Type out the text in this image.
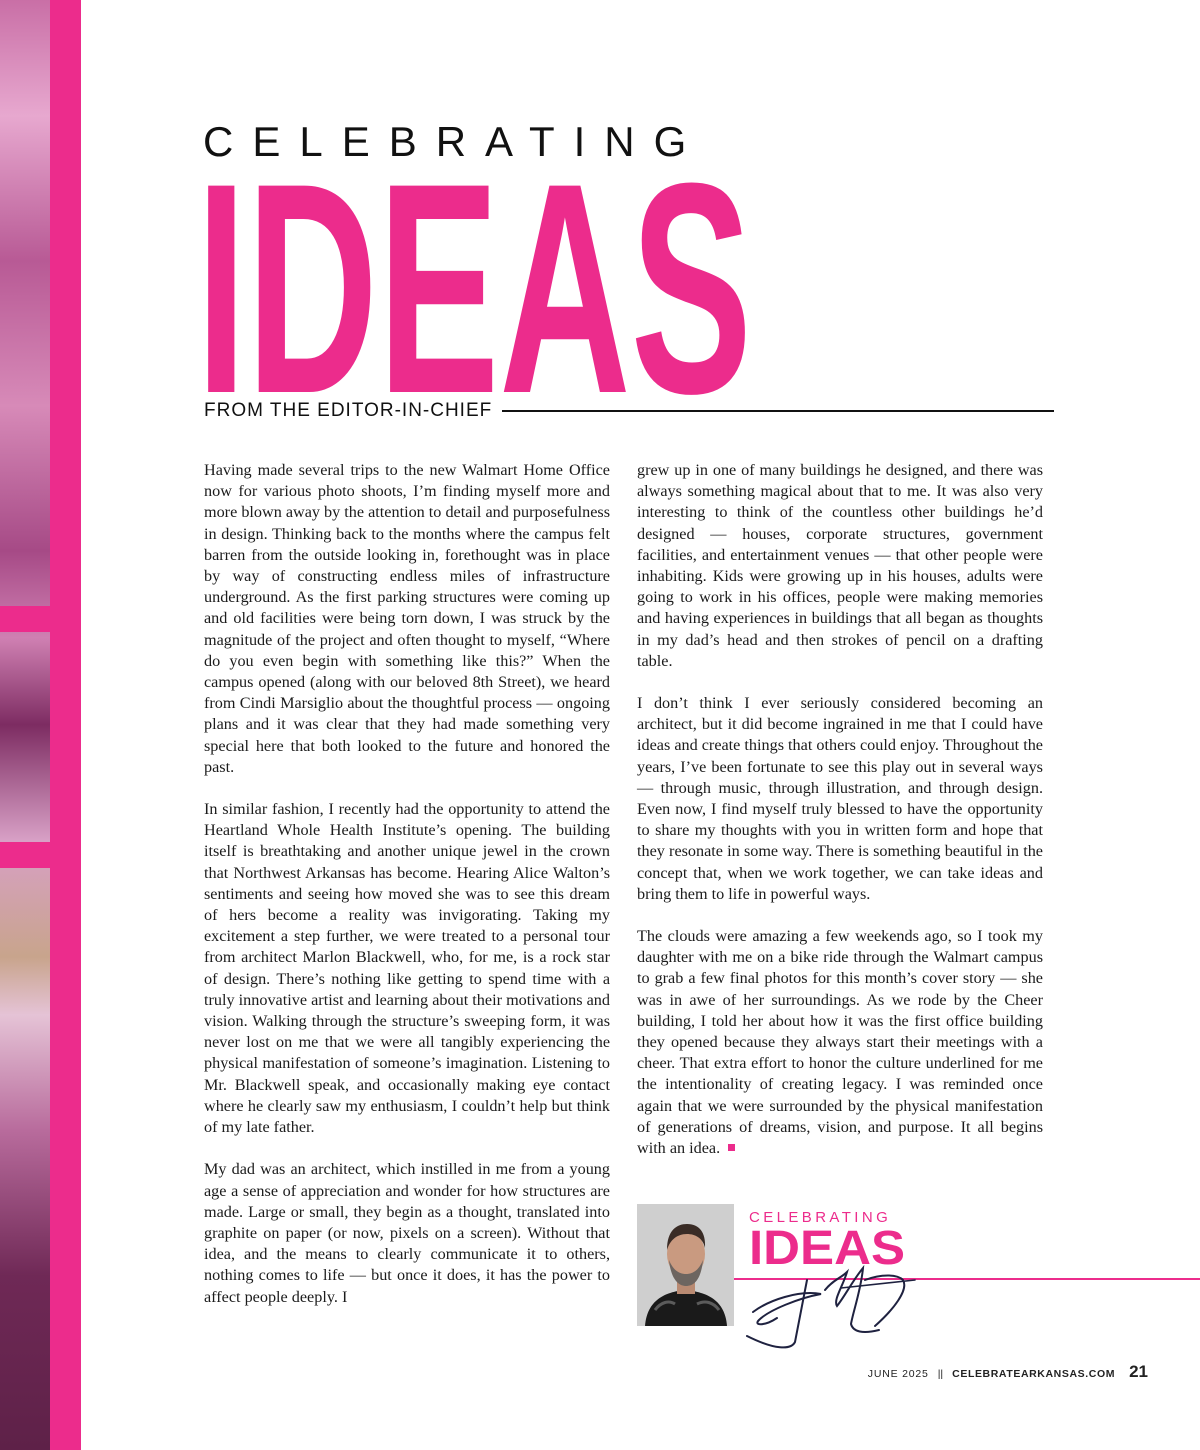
CELEBRATING
IDEAS
FROM THE EDITOR-IN-CHIEF

Having made several trips to the new Walmart Home Office now for various photo shoots, I’m finding myself more and more blown away by the attention to detail and purposefulness in design. Thinking back to the months where the campus felt barren from the outside looking in, forethought was in place by way of constructing endless miles of infrastructure underground. As the first parking structures were coming up and old facilities were being torn down, I was struck by the magnitude of the project and often thought to myself, “Where do you even begin with something like this?” When the campus opened (along with our beloved 8th Street), we heard from Cindi Marsiglio about the thoughtful process — ongoing plans and it was clear that they had made something very special here that both looked to the future and honored the past.

In similar fashion, I recently had the opportunity to attend the Heartland Whole Health Institute’s opening. The building itself is breathtaking and another unique jewel in the crown that Northwest Arkansas has become. Hearing Alice Walton’s sentiments and seeing how moved she was to see this dream of hers become a reality was invigorating. Taking my excitement a step further, we were treated to a personal tour from architect Marlon Blackwell, who, for me, is a rock star of design. There’s nothing like getting to spend time with a truly innovative artist and learning about their motivations and vision. Walking through the structure’s sweeping form, it was never lost on me that we were all tangibly experiencing the physical manifestation of someone’s imagination. Listening to Mr. Blackwell speak, and occasionally making eye contact where he clearly saw my enthusiasm, I couldn’t help but think of my late father.

My dad was an architect, which instilled in me from a young age a sense of appreciation and wonder for how structures are made. Large or small, they begin as a thought, translated into graphite on paper (or now, pixels on a screen). Without that idea, and the means to clearly communicate it to others, nothing comes to life — but once it does, it has the power to affect people deeply. I

grew up in one of many buildings he designed, and there was always something magical about that to me. It was also very interesting to think of the countless other buildings he’d designed — houses, corporate structures, government facilities, and entertainment venues — that other people were inhabiting. Kids were growing up in his houses, adults were going to work in his offices, people were making memories and having experiences in buildings that all began as thoughts in my dad’s head and then strokes of pencil on a drafting table.

I don’t think I ever seriously considered becoming an architect, but it did become ingrained in me that I could have ideas and create things that others could enjoy. Throughout the years, I’ve been fortunate to see this play out in several ways — through music, through illustration, and through design. Even now, I find myself truly blessed to have the opportunity to share my thoughts with you in written form and hope that they resonate in some way. There is something beautiful in the concept that, when we work together, we can take ideas and bring them to life in powerful ways.

The clouds were amazing a few weekends ago, so I took my daughter with me on a bike ride through the Walmart campus to grab a few final photos for this month’s cover story — she was in awe of her surroundings. As we rode by the Cheer building, I told her about how it was the first office building they opened because they always start their meetings with a cheer. That extra effort to honor the culture underlined for me the intentionality of creating legacy. I was reminded once again that we were surrounded by the physical manifestation of generations of dreams, vision, and purpose. It all begins with an idea.

CELEBRATING
IDEAS
JUNE 2025 || CELEBRATEARKANSAS.COM 21
